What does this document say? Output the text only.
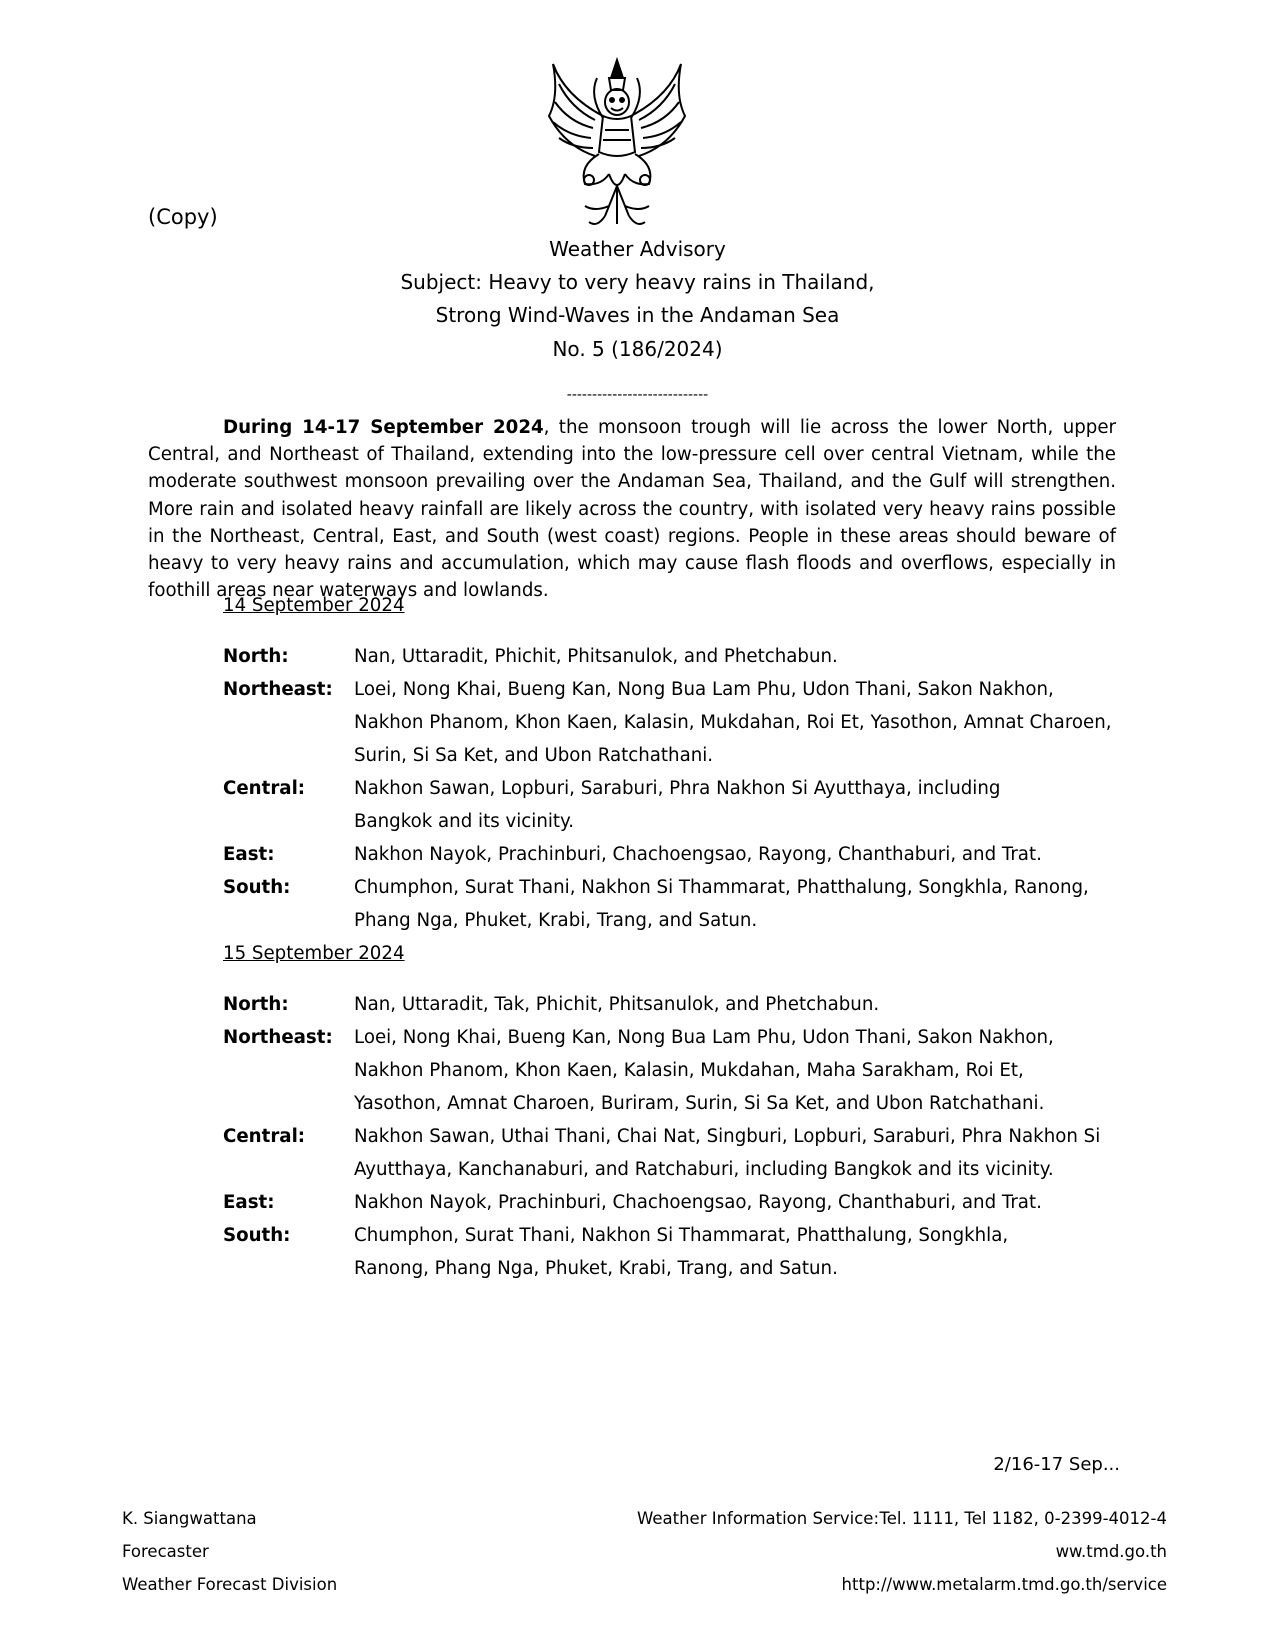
(Copy)
Weather Advisory
Subject: Heavy to very heavy rains in Thailand,
Strong Wind-Waves in the Andaman Sea
No. 5 (186/2024)
----------------------------
During 14-17 September 2024, the monsoon trough will lie across the lower North, upper Central, and Northeast of Thailand, extending into the low-pressure cell over central Vietnam, while the moderate southwest monsoon prevailing over the Andaman Sea, Thailand, and the Gulf will strengthen. More rain and isolated heavy rainfall are likely across the country, with isolated very heavy rains possible in the Northeast, Central, East, and South (west coast) regions. People in these areas should beware of heavy to very heavy rains and accumulation, which may cause flash floods and overflows, especially in foothill areas near waterways and lowlands.
14 September 2024
North:	Nan, Uttaradit, Phichit, Phitsanulok, and Phetchabun.
Northeast:	Loei, Nong Khai, Bueng Kan, Nong Bua Lam Phu, Udon Thani, Sakon Nakhon, Nakhon Phanom, Khon Kaen, Kalasin, Mukdahan, Roi Et, Yasothon, Amnat Charoen, Surin, Si Sa Ket, and Ubon Ratchathani.
Central:	Nakhon Sawan, Lopburi, Saraburi, Phra Nakhon Si Ayutthaya, including Bangkok and its vicinity.
East:	Nakhon Nayok, Prachinburi, Chachoengsao, Rayong, Chanthaburi, and Trat.
South:	Chumphon, Surat Thani, Nakhon Si Thammarat, Phatthalung, Songkhla, Ranong, Phang Nga, Phuket, Krabi, Trang, and Satun.
15 September 2024
North:	Nan, Uttaradit, Tak, Phichit, Phitsanulok, and Phetchabun.
Northeast:	Loei, Nong Khai, Bueng Kan, Nong Bua Lam Phu, Udon Thani, Sakon Nakhon, Nakhon Phanom, Khon Kaen, Kalasin, Mukdahan, Maha Sarakham, Roi Et, Yasothon, Amnat Charoen, Buriram, Surin, Si Sa Ket, and Ubon Ratchathani.
Central:	Nakhon Sawan, Uthai Thani, Chai Nat, Singburi, Lopburi, Saraburi, Phra Nakhon Si Ayutthaya, Kanchanaburi, and Ratchaburi, including Bangkok and its vicinity.
East:	Nakhon Nayok, Prachinburi, Chachoengsao, Rayong, Chanthaburi, and Trat.
South:	Chumphon, Surat Thani, Nakhon Si Thammarat, Phatthalung, Songkhla, Ranong, Phang Nga, Phuket, Krabi, Trang, and Satun.
2/16-17 Sep...
K. Siangwattana
Forecaster
Weather Forecast Division
Weather Information Service: Tel. 1111, Tel 1182, 0-2399-4012-4
ww.tmd.go.th
http://www.metalarm.tmd.go.th/service
